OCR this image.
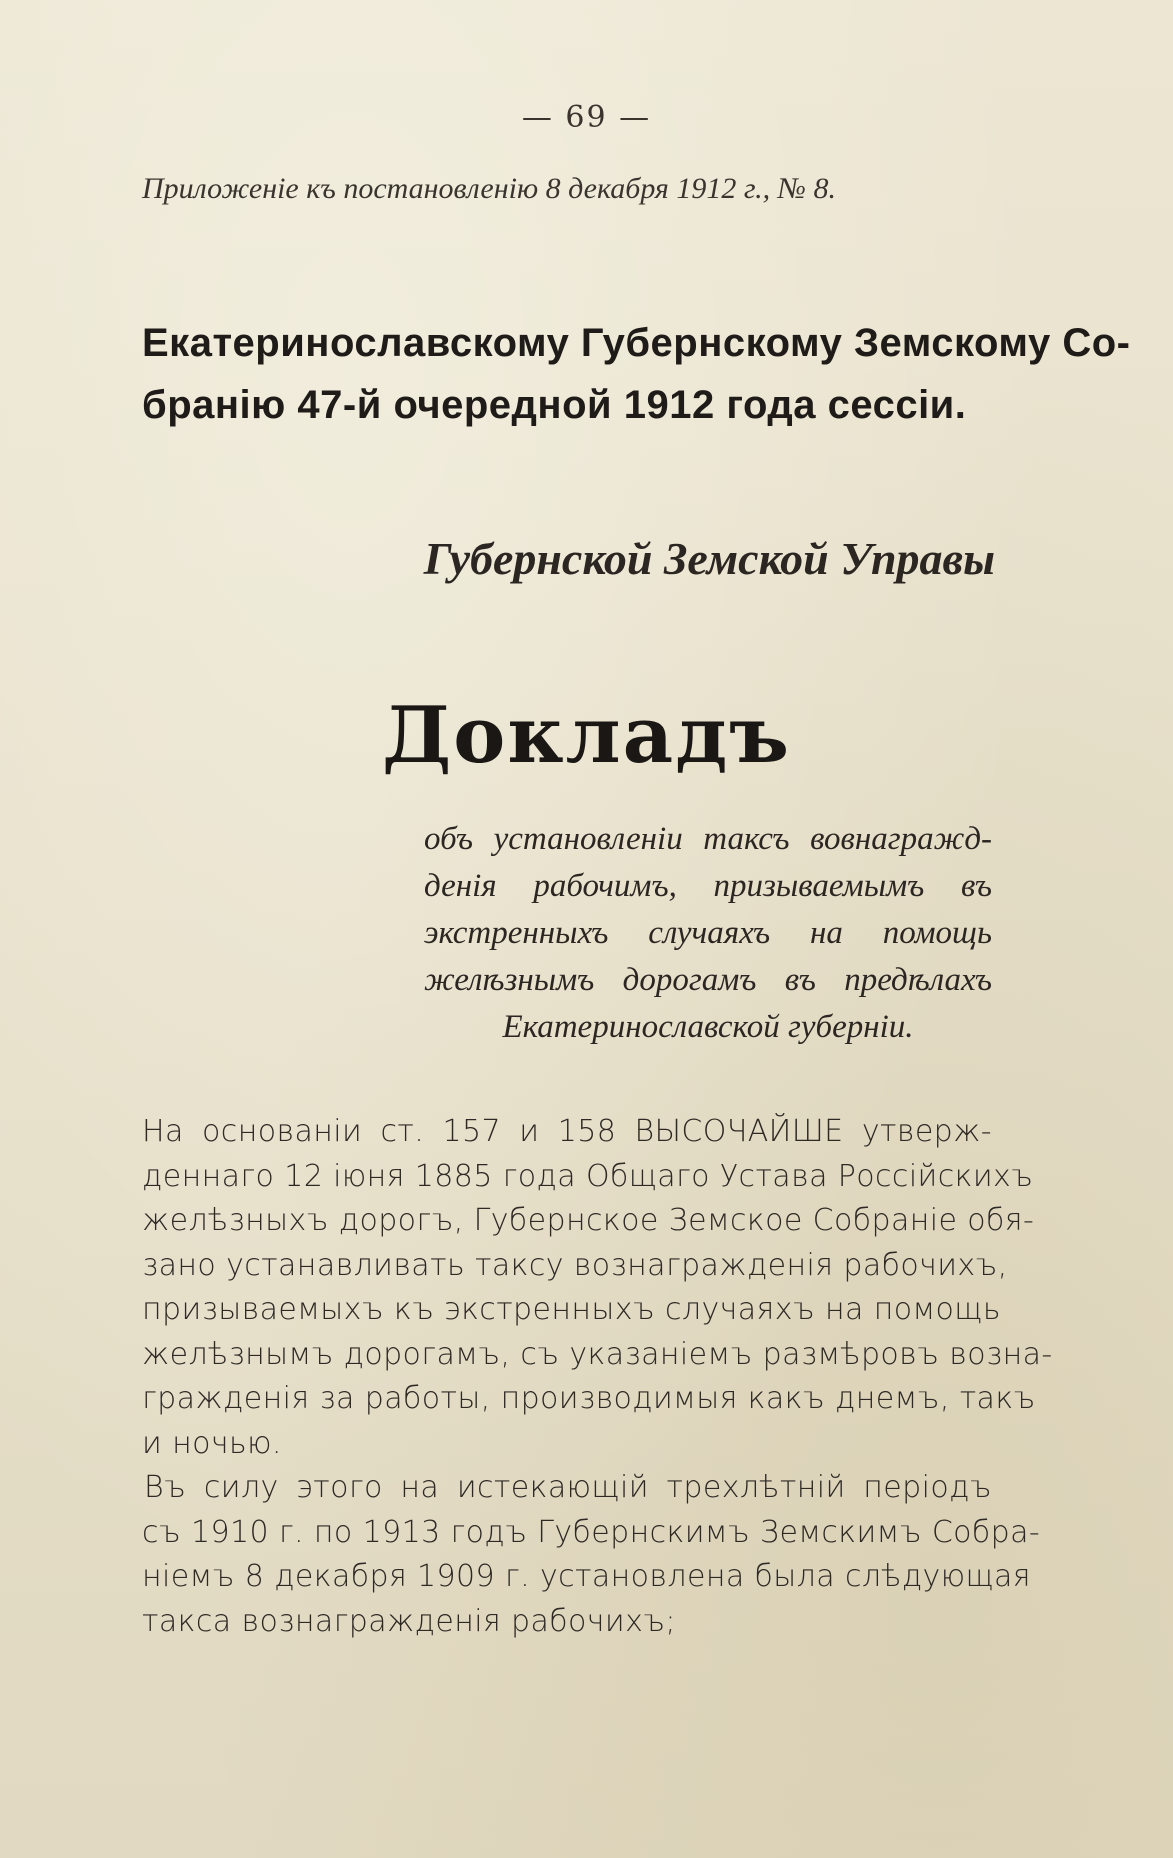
— 69 —
Приложеніе къ постановленію 8 декабря 1912 г., № 8.
Екатеринославскому Губернскому Земскому Со-
бранію 47-й очередной 1912 года сессіи.
Губернской Земской Управы
Докладъ
объ установленіи таксъ вовнагражд-
денія рабочимъ, призываемымъ въ
экстренныхъ случаяхъ на помощь
желѣзнымъ дорогамъ въ предѣлахъ
Екатеринославской губерніи.

На основаніи ст. 157 и 158 ВЫСОЧАЙШЕ утверж-
деннаго 12 іюня 1885 года Общаго Устава Россійскихъ
желѣзныхъ дорогъ, Губернское Земское Собраніе обя-
зано устанавливать таксу вознагражденія рабочихъ,
призываемыхъ къ экстренныхъ случаяхъ на помощь
желѣзнымъ дорогамъ, съ указаніемъ размѣровъ возна-
гражденія за работы, производимыя какъ днемъ, такъ
и ночью.

Въ силу этого на истекающій трехлѣтній періодъ
съ 1910 г. по 1913 годъ Губернскимъ Земскимъ Собра-
ніемъ 8 декабря 1909 г. установлена была слѣдующая
такса вознагражденія рабочихъ;
